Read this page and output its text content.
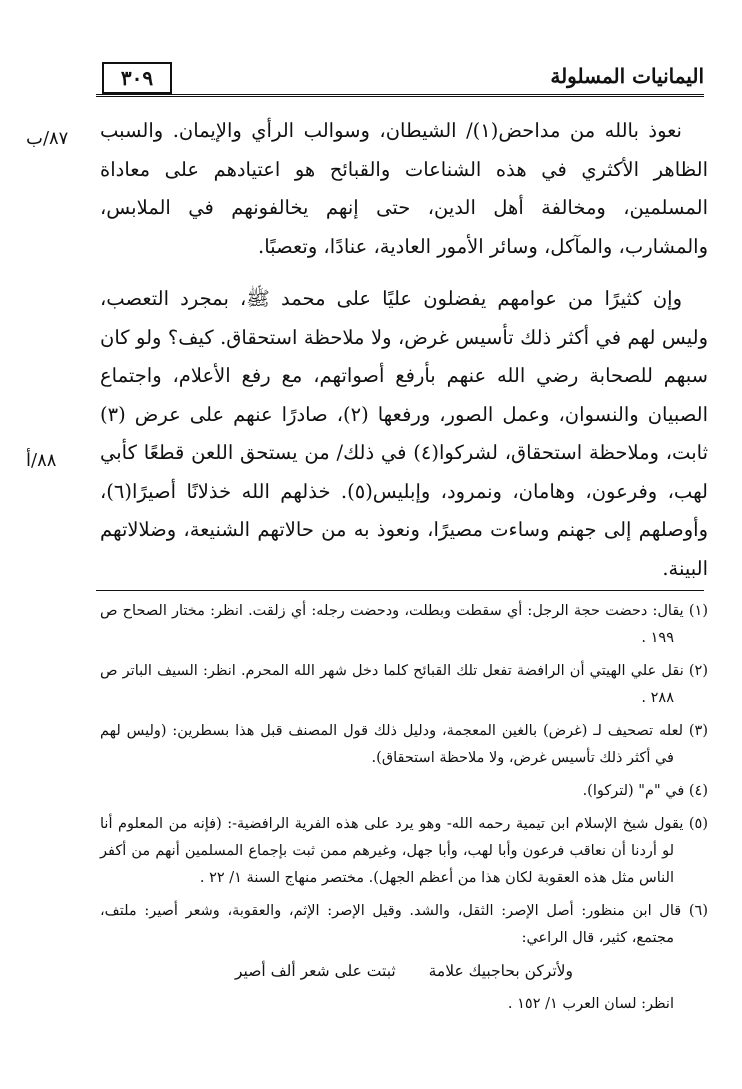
٣٠٩	اليمانيات المسلولة
٨٧/ب
٨٨/أ

نعوذ بالله من مداحض(١)/ الشيطان، وسوالب الرأي والإيمان. والسبب الظاهر الأكثري في هذه الشناعات والقبائح هو اعتيادهم على معاداة المسلمين، ومخالفة أهل الدين، حتى إنهم يخالفونهم في الملابس، والمشارب، والمآكل، وسائر الأمور العادية، عنادًا، وتعصبًا.

وإن كثيرًا من عوامهم يفضلون عليًا على محمد ﷺ، بمجرد التعصب، وليس لهم في أكثر ذلك تأسيس غرض، ولا ملاحظة استحقاق. كيف؟ ولو كان سبهم للصحابة رضي الله عنهم بأرفع أصواتهم، مع رفع الأعلام، واجتماع الصبيان والنسوان، وعمل الصور، ورفعها (٢)، صادرًا عنهم على عرض (٣) ثابت، وملاحظة استحقاق، لشركوا(٤) في ذلك/ من يستحق اللعن قطعًا كأبي لهب، وفرعون، وهامان، ونمرود، وإبليس(٥). خذلهم الله خذلانًا أصيرًا(٦)، وأوصلهم إلى جهنم وساءت مصيرًا، ونعوذ به من حالاتهم الشنيعة، وضلالاتهم البينة.

(١) يقال: دحضت حجة الرجل: أي سقطت وبطلت، ودحضت رجله: أي زلقت. انظر: مختار الصحاح ص ١٩٩ .
(٢) نقل علي الهيتي أن الرافضة تفعل تلك القبائح كلما دخل شهر الله المحرم. انظر: السيف الباتر ص ٢٨٨ .
(٣) لعله تصحيف لـ (غرض) بالغين المعجمة، ودليل ذلك قول المصنف قبل هذا بسطرين: (وليس لهم في أكثر ذلك تأسيس غرض، ولا ملاحظة استحقاق).
(٤) في "م" (لتركوا).
(٥) يقول شيخ الإسلام ابن تيمية رحمه الله- وهو يرد على هذه الفرية الرافضية-: (فإنه من المعلوم أنا لو أردنا أن نعاقب فرعون وأبا لهب، وأبا جهل، وغيرهم ممن ثبت بإجماع المسلمين أنهم من أكفر الناس مثل هذه العقوبة لكان هذا من أعظم الجهل). مختصر منهاج السنة ١/ ٢٢ .
(٦) قال ابن منظور: أصل الإصر: الثقل، والشد. وقيل الإصر: الإثم، والعقوبة، وشعر أصير: ملتف، مجتمع، كثير، قال الراعي:
ولأتركن بحاجبيك علامة ثبتت على شعر ألف أصير
انظر: لسان العرب ١/ ١٥٢ .
